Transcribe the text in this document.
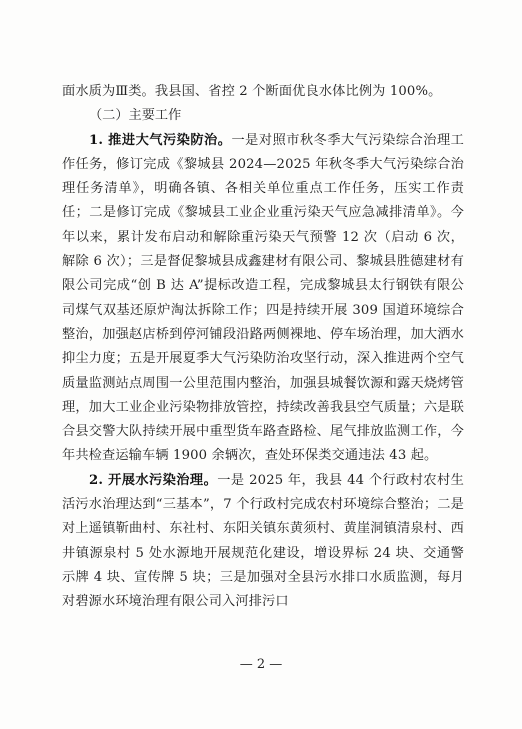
面水质为Ⅲ类。我县国、省控 2 个断面优良水体比例为 100%。

（二）主要工作

1. 推进大气污染防治。一是对照市秋冬季大气污染综合治理工作任务，修订完成《黎城县 2024—2025 年秋冬季大气污染综合治理任务清单》，明确各镇、各相关单位重点工作任务，压实工作责任；二是修订完成《黎城县工业企业重污染天气应急减排清单》。今年以来，累计发布启动和解除重污染天气预警 12 次（启动 6 次，解除 6 次）；三是督促黎城县成鑫建材有限公司、黎城县胜德建材有限公司完成“创 B 达 A”提标改造工程，完成黎城县太行钢铁有限公司煤气双基还原炉淘汰拆除工作；四是持续开展 309 国道环境综合整治，加强赵店桥到停河铺段沿路两侧裸地、停车场治理，加大洒水抑尘力度；五是开展夏季大气污染防治攻坚行动，深入推进两个空气质量监测站点周围一公里范围内整治，加强县城餐饮源和露天烧烤管理，加大工业企业污染物排放管控，持续改善我县空气质量；六是联合县交警大队持续开展中重型货车路查路检、尾气排放监测工作，今年共检查运输车辆 1900 余辆次，查处环保类交通违法 43 起。

2. 开展水污染治理。一是 2025 年，我县 44 个行政村农村生活污水治理达到“三基本”，7 个行政村完成农村环境综合整治；二是对上遥镇靳曲村、东社村、东阳关镇东黄须村、黄崖洞镇清泉村、西井镇源泉村 5 处水源地开展规范化建设，增设界标 24 块、交通警示牌 4 块、宣传牌 5 块；三是加强对全县污水排口水质监测，每月对碧源水环境治理有限公司入河排污口

— 2 —
